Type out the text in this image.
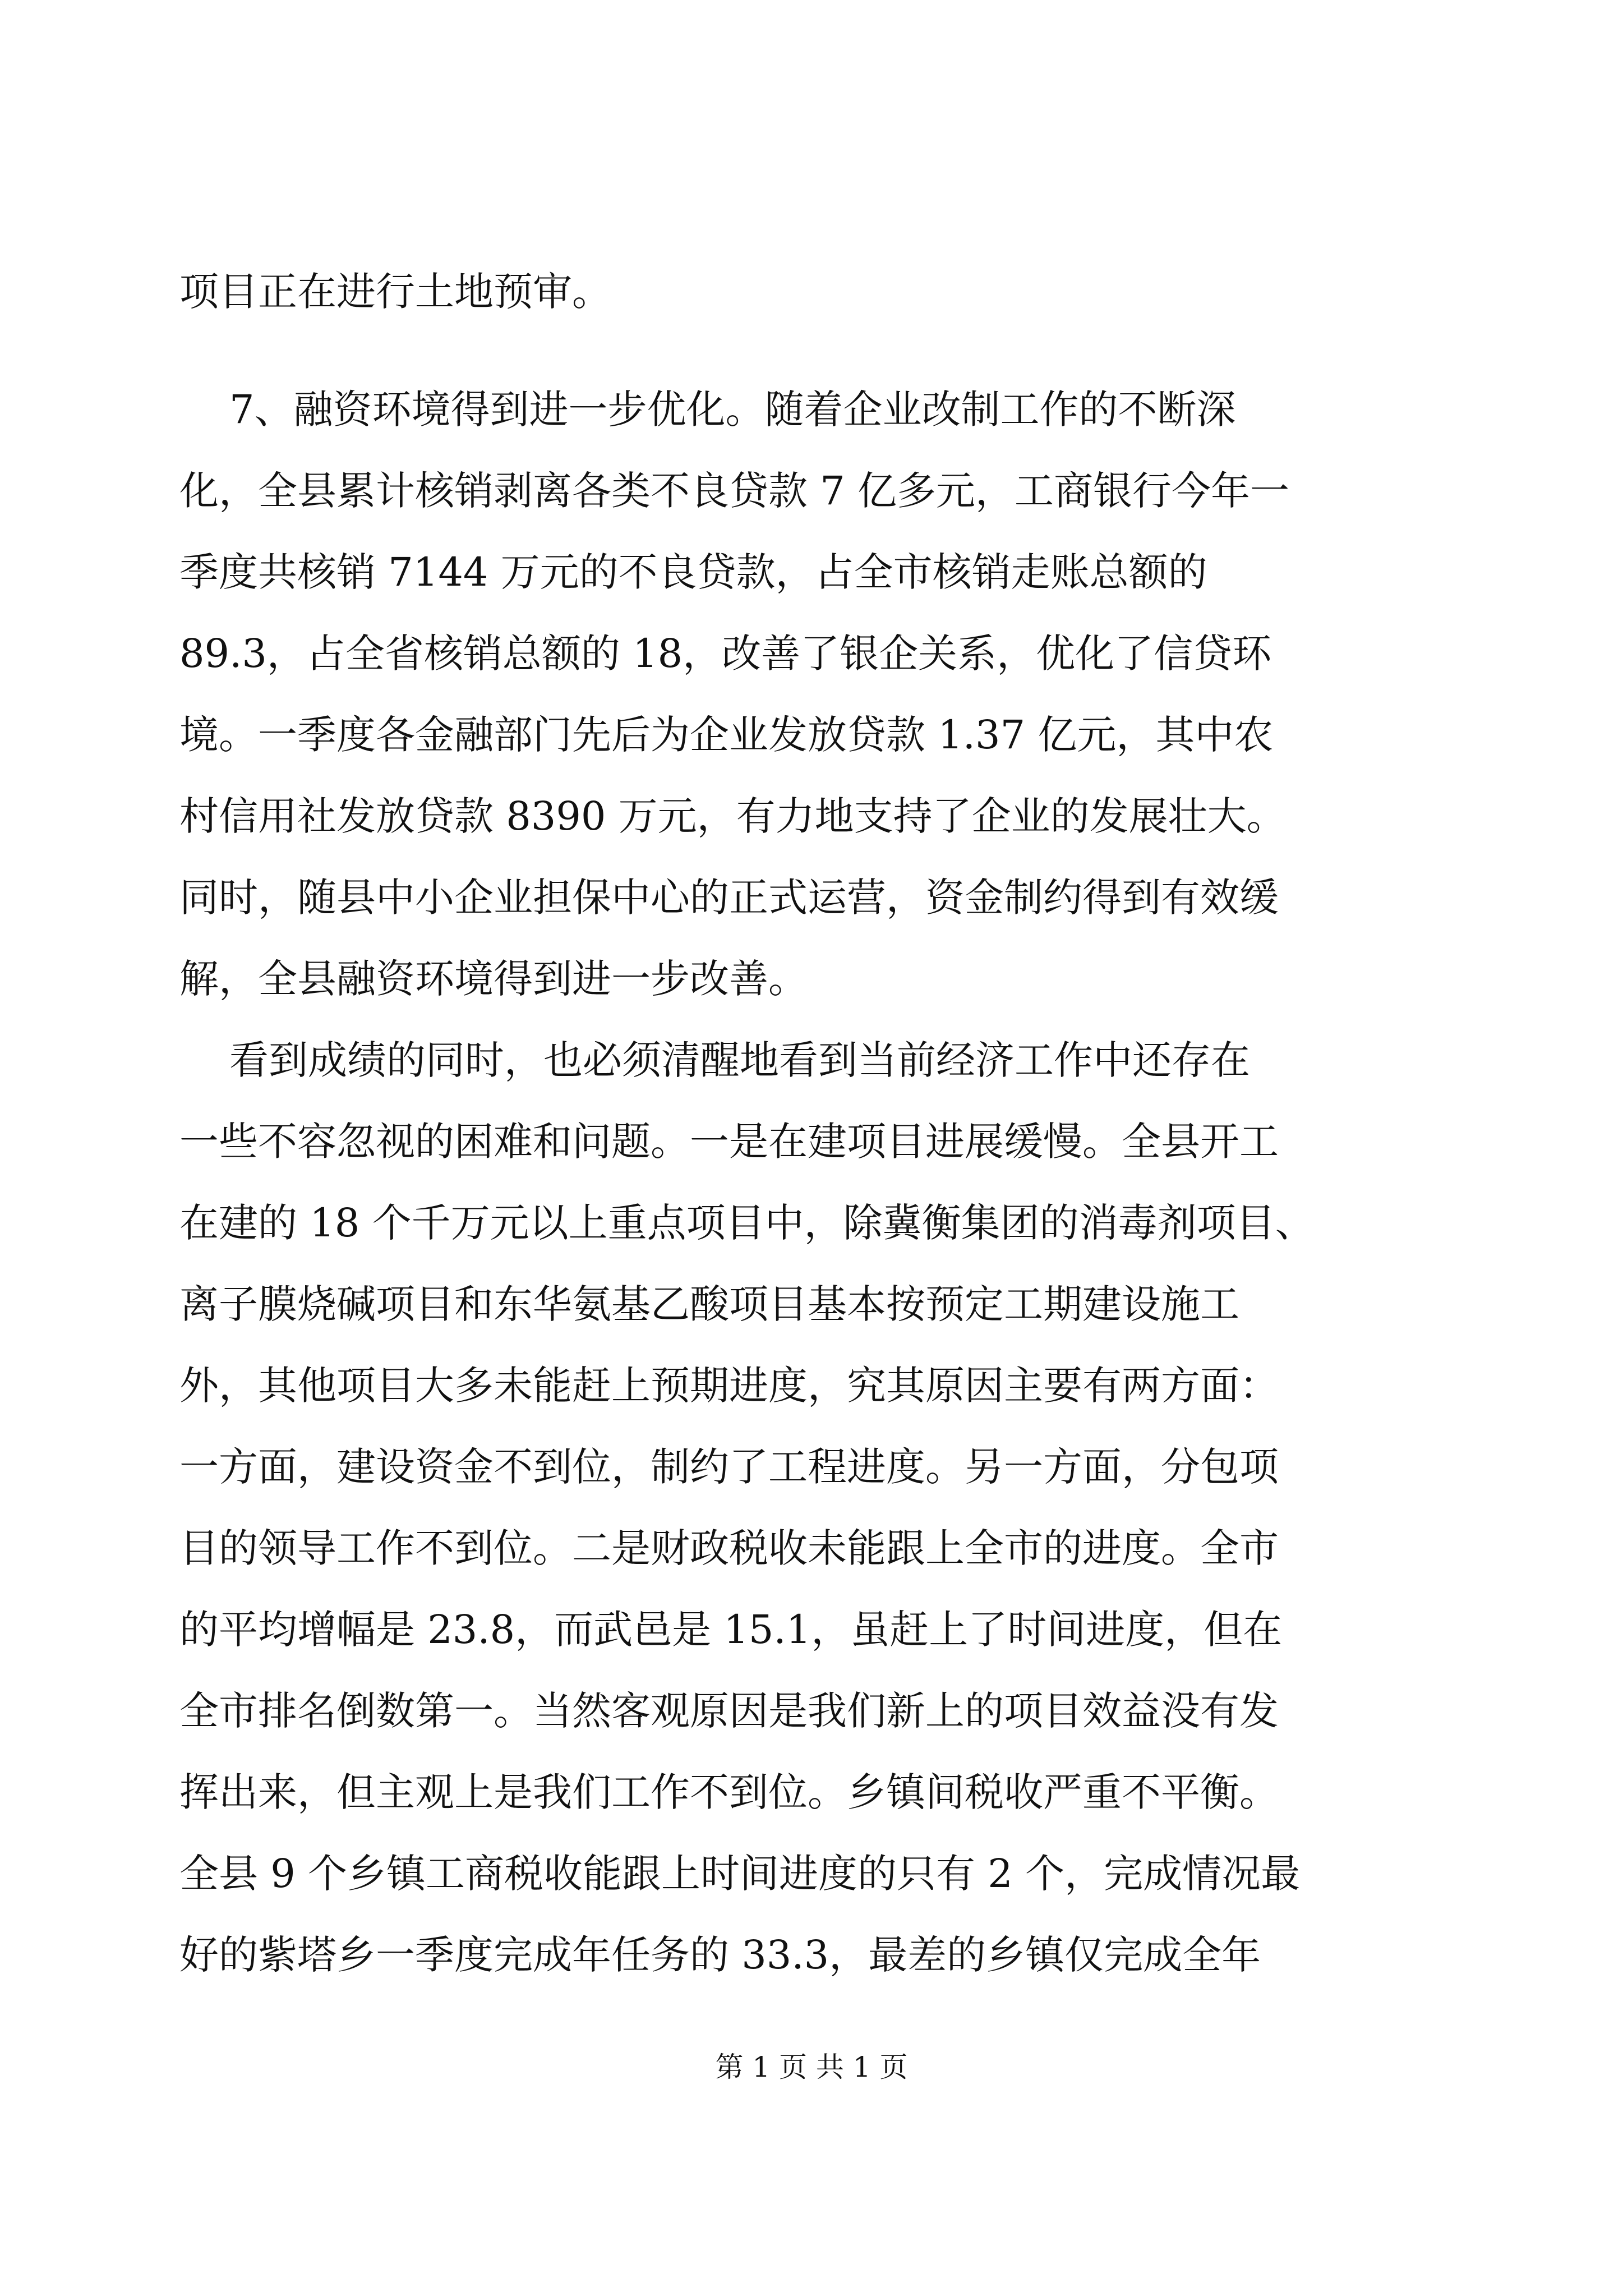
项目正在进行土地预审。
7、融资环境得到进一步优化。随着企业改制工作的不断深
化，全县累计核销剥离各类不良贷款 7 亿多元，工商银行今年一
季度共核销 7144 万元的不良贷款，占全市核销走账总额的
89.3，占全省核销总额的 18，改善了银企关系，优化了信贷环
境。一季度各金融部门先后为企业发放贷款 1.37 亿元，其中农
村信用社发放贷款 8390 万元，有力地支持了企业的发展壮大。
同时，随县中小企业担保中心的正式运营，资金制约得到有效缓
解，全县融资环境得到进一步改善。
看到成绩的同时，也必须清醒地看到当前经济工作中还存在
一些不容忽视的困难和问题。一是在建项目进展缓慢。全县开工
在建的 18 个千万元以上重点项目中，除冀衡集团的消毒剂项目、
离子膜烧碱项目和东华氨基乙酸项目基本按预定工期建设施工
外，其他项目大多未能赶上预期进度，究其原因主要有两方面：
一方面，建设资金不到位，制约了工程进度。另一方面，分包项
目的领导工作不到位。二是财政税收未能跟上全市的进度。全市
的平均增幅是 23.8，而武邑是 15.1，虽赶上了时间进度，但在
全市排名倒数第一。当然客观原因是我们新上的项目效益没有发
挥出来，但主观上是我们工作不到位。乡镇间税收严重不平衡。
全县 9 个乡镇工商税收能跟上时间进度的只有 2 个，完成情况最
好的紫塔乡一季度完成年任务的 33.3，最差的乡镇仅完成全年
第 1 页 共 1 页
